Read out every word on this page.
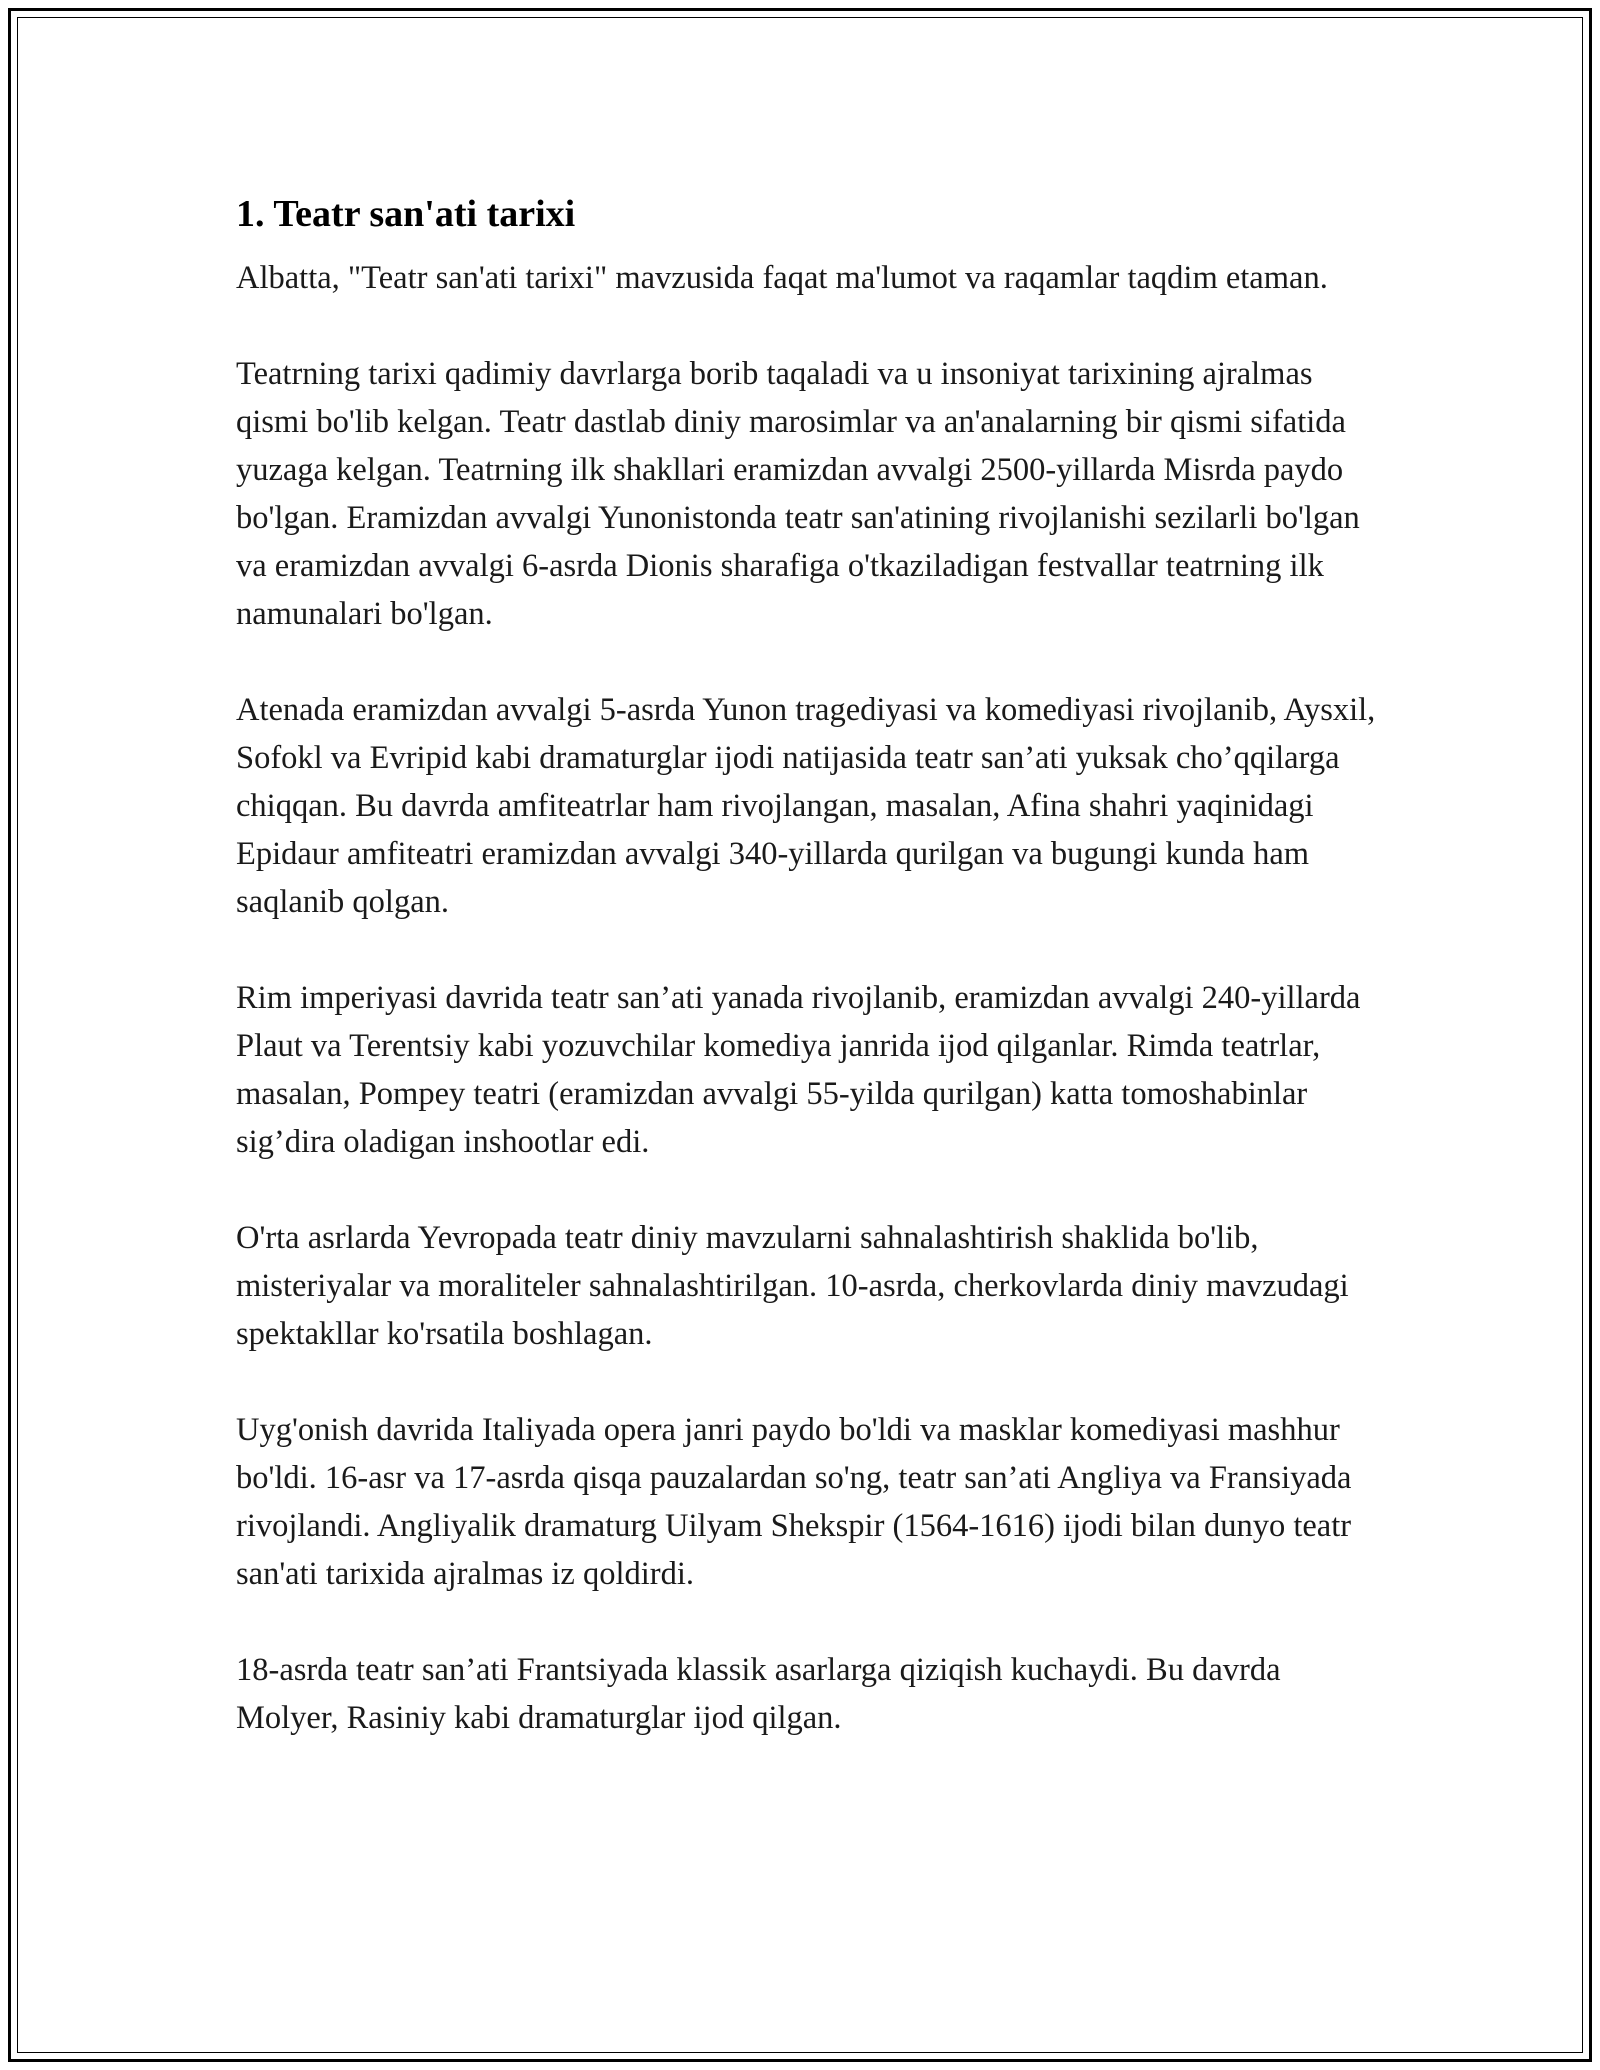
1. Teatr san'ati tarixi

Albatta, "Teatr san'ati tarixi" mavzusida faqat ma'lumot va raqamlar taqdim etaman.

Teatrning tarixi qadimiy davrlarga borib taqaladi va u insoniyat tarixining ajralmas qismi bo'lib kelgan. Teatr dastlab diniy marosimlar va an'analarning bir qismi sifatida yuzaga kelgan. Teatrning ilk shakllari eramizdan avvalgi 2500-yillarda Misrda paydo bo'lgan. Eramizdan avvalgi Yunonistonda teatr san'atining rivojlanishi sezilarli bo'lgan va eramizdan avvalgi 6-asrda Dionis sharafiga o'tkaziladigan festvallar teatrning ilk namunalari bo'lgan.

Atenada eramizdan avvalgi 5-asrda Yunon tragediyasi va komediyasi rivojlanib, Aysxil, Sofokl va Evripid kabi dramaturglar ijodi natijasida teatr san’ati yuksak cho’qqilarga chiqqan. Bu davrda amfiteatrlar ham rivojlangan, masalan, Afina shahri yaqinidagi Epidaur amfiteatri eramizdan avvalgi 340-yillarda qurilgan va bugungi kunda ham saqlanib qolgan.

Rim imperiyasi davrida teatr san’ati yanada rivojlanib, eramizdan avvalgi 240-yillarda Plaut va Terentsiy kabi yozuvchilar komediya janrida ijod qilganlar. Rimda teatrlar, masalan, Pompey teatri (eramizdan avvalgi 55-yilda qurilgan) katta tomoshabinlar sig’dira oladigan inshootlar edi.

O'rta asrlarda Yevropada teatr diniy mavzularni sahnalashtirish shaklida bo'lib, misteriyalar va moraliteler sahnalashtirilgan. 10-asrda, cherkovlarda diniy mavzudagi spektakllar ko'rsatila boshlagan.

Uyg'onish davrida Italiyada opera janri paydo bo'ldi va masklar komediyasi mashhur bo'ldi. 16-asr va 17-asrda qisqa pauzalardan so'ng, teatr san’ati Angliya va Fransiyada rivojlandi. Angliyalik dramaturg Uilyam Shekspir (1564-1616) ijodi bilan dunyo teatr san'ati tarixida ajralmas iz qoldirdi.

18-asrda teatr san’ati Frantsiyada klassik asarlarga qiziqish kuchaydi. Bu davrda Molyer, Rasiniy kabi dramaturglar ijod qilgan.
